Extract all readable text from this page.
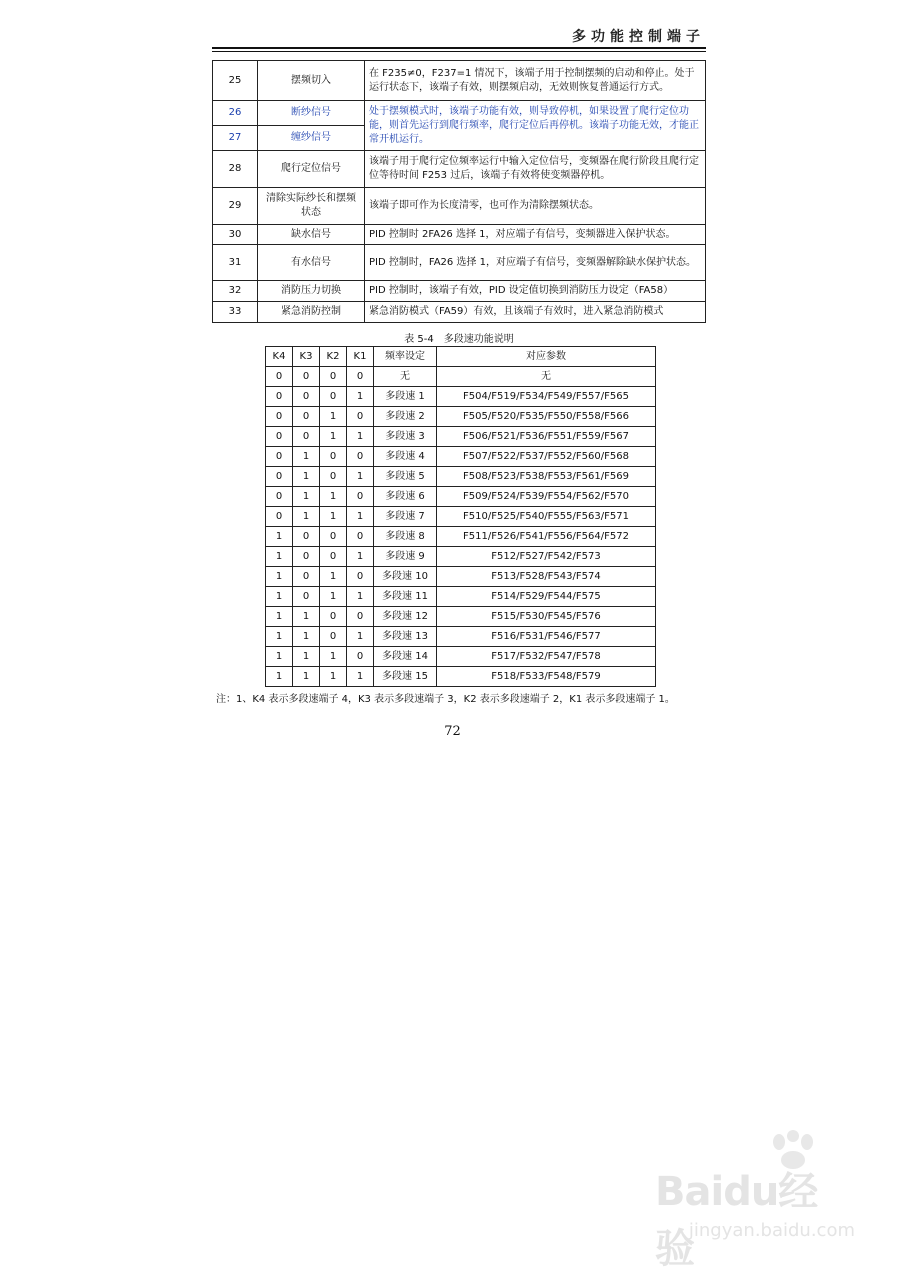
多功能控制端子
25	摆频切入	在 F235≠0，F237=1 情况下，该端子用于控制摆频的启动和停止。处于运行状态下，该端子有效，则摆频启动，无效则恢复普通运行方式。
26	断纱信号	处于摆频模式时，该端子功能有效，则导致停机，如果设置了爬行定位功能，则首先运行到爬行频率，爬行定位后再停机。该端子功能无效，才能正常开机运行。
27	缠纱信号	
28	爬行定位信号	该端子用于爬行定位频率运行中输入定位信号，变频器在爬行阶段且爬行定位等待时间 F253 过后，该端子有效将使变频器停机。
29	清除实际纱长和摆频状态	该端子即可作为长度清零，也可作为清除摆频状态。
30	缺水信号	PID 控制时 2FA26 选择 1，对应端子有信号，变频器进入保护状态。
31	有水信号	PID 控制时，FA26 选择 1，对应端子有信号，变频器解除缺水保护状态。
32	消防压力切换	PID 控制时，该端子有效，PID 设定值切换到消防压力设定（FA58）
33	紧急消防控制	紧急消防模式（FA59）有效，且该端子有效时，进入紧急消防模式
表 5-4　多段速功能说明
K4	K3	K2	K1	频率设定	对应参数
0	0	0	0	无	无
0	0	0	1	多段速 1	F504/F519/F534/F549/F557/F565
0	0	1	0	多段速 2	F505/F520/F535/F550/F558/F566
0	0	1	1	多段速 3	F506/F521/F536/F551/F559/F567
0	1	0	0	多段速 4	F507/F522/F537/F552/F560/F568
0	1	0	1	多段速 5	F508/F523/F538/F553/F561/F569
0	1	1	0	多段速 6	F509/F524/F539/F554/F562/F570
0	1	1	1	多段速 7	F510/F525/F540/F555/F563/F571
1	0	0	0	多段速 8	F511/F526/F541/F556/F564/F572
1	0	0	1	多段速 9	F512/F527/F542/F573
1	0	1	0	多段速 10	F513/F528/F543/F574
1	0	1	1	多段速 11	F514/F529/F544/F575
1	1	0	0	多段速 12	F515/F530/F545/F576
1	1	0	1	多段速 13	F516/F531/F546/F577
1	1	1	0	多段速 14	F517/F532/F547/F578
1	1	1	1	多段速 15	F518/F533/F548/F579
注：1、K4 表示多段速端子 4，K3 表示多段速端子 3，K2 表示多段速端子 2，K1 表示多段速端子 1。
72
Baidu经验
jingyan.baidu.com
